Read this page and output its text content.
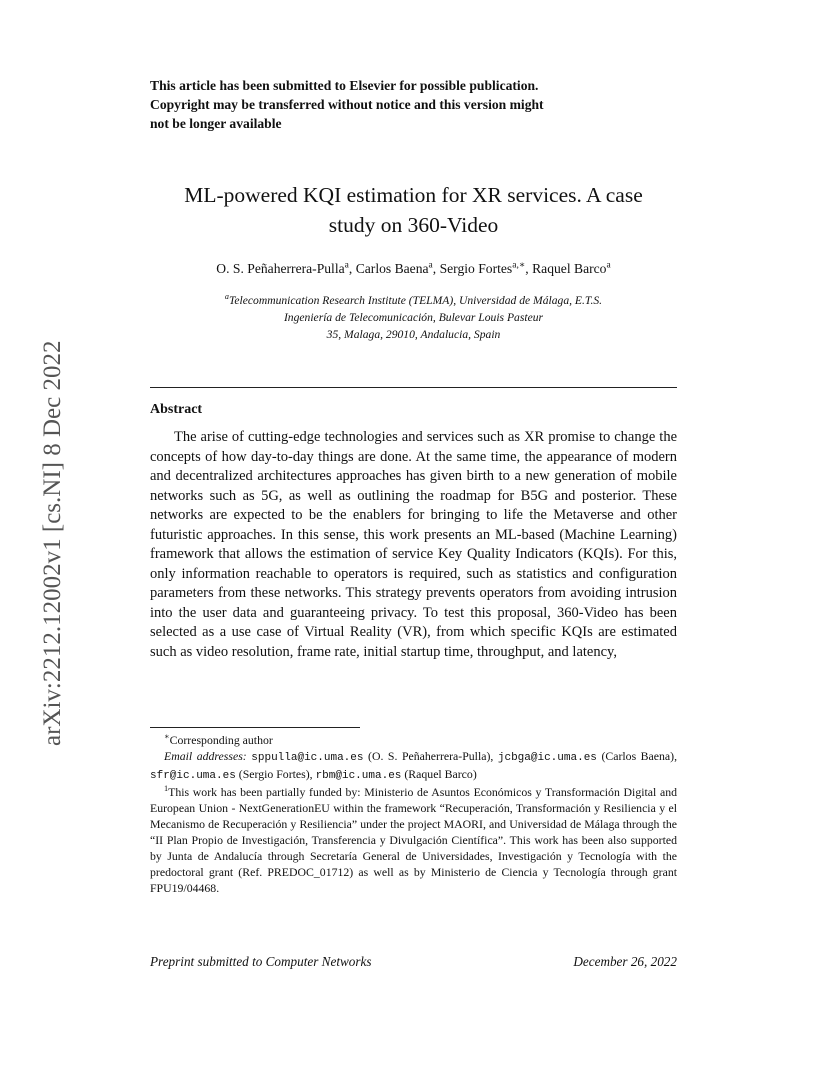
arXiv:2212.12002v1 [cs.NI] 8 Dec 2022
This article has been submitted to Elsevier for possible publication.
Copyright may be transferred without notice and this version might
not be longer available
ML-powered KQI estimation for XR services. A case
study on 360-Video
O. S. Peñaherrera-Pulla$^a$, Carlos Baena$^a$, Sergio Fortes$^{a,∗}$, Raquel Barco$^a$
$^a$Telecommunication Research Institute (TELMA), Universidad de Málaga, E.T.S.
Ingeniería de Telecomunicación, Bulevar Louis Pasteur
35, Malaga, 29010, Andalucia, Spain
Abstract

The arise of cutting-edge technologies and services such as XR promise to change the concepts of how day-to-day things are done. At the same time, the appearance of modern and decentralized architectures approaches has given birth to a new generation of mobile networks such as 5G, as well as outlining the roadmap for B5G and posterior. These networks are expected to be the enablers for bringing to life the Metaverse and other futuristic approaches. In this sense, this work presents an ML-based (Machine Learning) framework that allows the estimation of service Key Quality Indicators (KQIs). For this, only information reachable to operators is required, such as statistics and configuration parameters from these networks. This strategy prevents operators from avoiding intrusion into the user data and guaranteeing privacy. To test this proposal, 360-Video has been selected as a use case of Virtual Reality (VR), from which specific KQIs are estimated such as video resolution, frame rate, initial startup time, throughput, and latency,

∗Corresponding author

Email addresses: sppulla@ic.uma.es (O. S. Peñaherrera-Pulla), jcbga@ic.uma.es (Carlos Baena), sfr@ic.uma.es (Sergio Fortes), rbm@ic.uma.es (Raquel Barco)

$^1$This work has been partially funded by: Ministerio de Asuntos Económicos y Transformación Digital and European Union - NextGenerationEU within the framework “Recuperación, Transformación y Resiliencia y el Mecanismo de Recuperación y Resiliencia” under the project MAORI, and Universidad de Málaga through the “II Plan Propio de Investigación, Transferencia y Divulgación Científica”. This work has been also supported by Junta de Andalucía through Secretaría General de Universidades, Investigación y Tecnología with the predoctoral grant (Ref. PREDOC_01712) as well as by Ministerio de Ciencia y Tecnología through grant FPU19/04468.

Preprint submitted to Computer Networks	December 26, 2022
